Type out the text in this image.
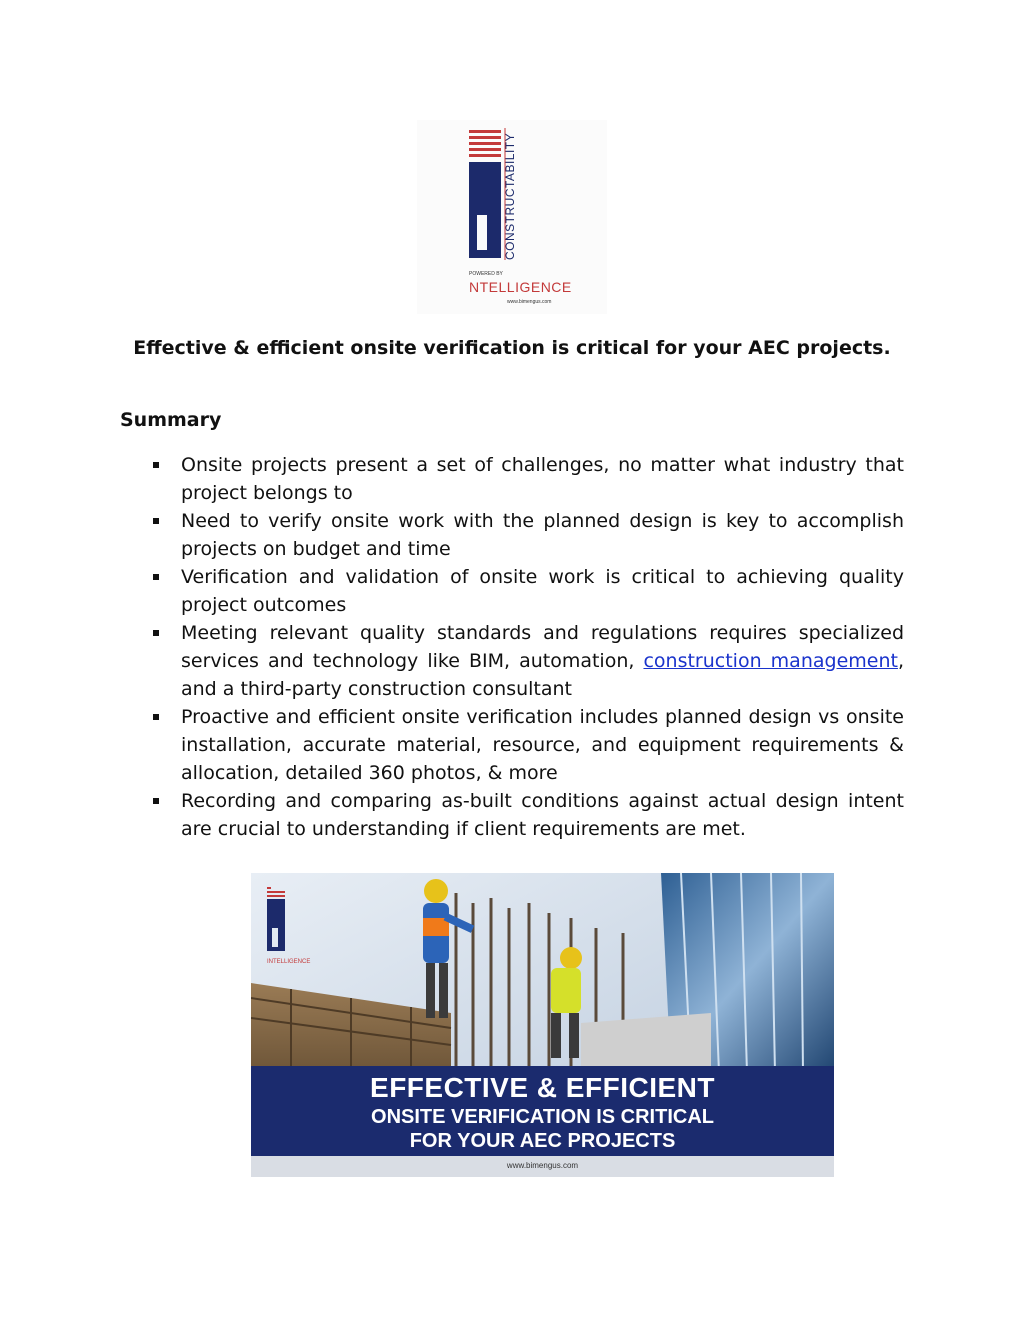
CONSTRUCTABILITY
POWERED BY
NTELLIGENCE
www.bimengus.com
Effective & efficient onsite verification is critical for your AEC projects.
Summary
Onsite projects present a set of challenges, no matter what industry that project belongs to
Need to verify onsite work with the planned design is key to accomplish projects on budget and time
Verification and validation of onsite work is critical to achieving quality project outcomes
Meeting relevant quality standards and regulations requires specialized services and technology like BIM, automation, construction management, and a third-party construction consultant
Proactive and efficient onsite verification includes planned design vs onsite installation, accurate material, resource, and equipment requirements & allocation, detailed 360 photos, & more
Recording and comparing as-built conditions against actual design intent are crucial to understanding if client requirements are met.
INTELLIGENCE
EFFECTIVE & EFFICIENT
ONSITE VERIFICATION IS CRITICAL
FOR YOUR AEC PROJECTS
www.bimengus.com
